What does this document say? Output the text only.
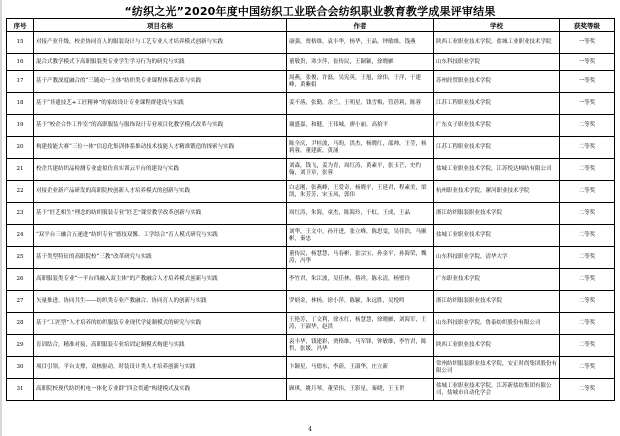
“纺织之光”2020年度中国纺织工业联合会纺织职业教育教学成果评审结果
序号	项目名称	作者	学校	获奖等级
15	对接产业升级，校企协同育人的服装设计与工艺专业人才培养模式创新与实践	康强，贾格维，袁丰华，杨华，王晶，钟敏维，钱燕	陕西工业职业技术学院，盐城工业职业技术学院	一等奖
16	混合式教学模式下高职服装类专业学生学习行为的研究与实践	董敬贵，寒少萍，崔传民，王颖颖，徐晓雁	山东科技职业学院	一等奖
17	基于产教深度融合的“三随动一主体”纺织类专业课程体系改革与实践	周燕，张俊，许磊，吴宪英，王旭，徐伟，于洋，于建峰，黄紫娟	苏州经贸职业技术学院	一等奖
18	基于“非遗技艺+工匠精神”的家纺设计专业课程群建设与实践	姜不落，张勤，余兰，王明星，钱雪梅，管蓓莉，陈蓉	江苏工程职业技术学院	一等奖
19	基于“校企合作工作室”的高职服装与服饰设计专业项目化教学模式改革与实践	谢盛嘉，和健，王伟城，廖小丽，高拾平	广东女子职业技术学院	二等奖
20	构建技能大赛“三位一体”信息化集训体系推动技术技能人才精准锻造的探索与实践	陈全庆，尹桂波，马昀，洪杰，杨晓红，邵帅，王莹，杨莉蓉，董建新，黄涌	江苏工程职业技术学院	二等奖
21	校企共建纺织品检测专业虚拟仿真实训云平台的建设与实践	刘森，钱飞，姜为青，周红涛，黄素平，张玉芒，史约翰，刘卫章，张蓉	盐城工业职业技术学院，江苏悦达棉纺有限公司	二等奖
22	对接企业新产品研发的高职院校创新人才培养模式的创新与实践	白志刚，张燕峰，王爱奇，杨晓平，王延君，程素美，梁凯，朱芳芳，宋玉凤，郭伟	杭州职业技术学院，漯河职业技术学院	二等奖
23	基于“匠艺相生”理念的纺织服装专业“匠艺”课堂教学改革创新与实践	周红涛，朱海，童杰，陈海玲，于虹，王成，王晶	浙江纺织服装职业技术学院	二等奖
24	“双平台三融合五递进”纺织专业“德技双馨、工学结合”育人模式研究与实践	刘华，王文中，孙开进，张立峰，陈思雯，吴佳浩，马顺彬，秦忠	盐城工业职业技术学院	二等奖
25	基于类型特征的高职院校“三教”改革研究与实践	董传民，杨慧慧，马春彬，张宗宝，孙金平，孙海荣，魏涛，冯华	山东科技职业学院，清华大学	二等奖
26	高职服装类专业“一平台四融入双主体”的产教融合人才培养模式创新与实践	李竹君，朱江波，吴佳林，蔡祥，陈永清，杨璧玲	广东职业技术学院	二等奖
27	矢量推进、协同共生——纺织类专业产教融合、协同育人的创新与实践	罗炳金，林杨，徐小萍，陈颖，朱远胜，吴悦鸣	浙江纺织服装职业技术学院	二等奖
28	基于“工匠型”人才培养的纺织服装专业现代学徒制模式的研究与实践	王艳芳，丁文利，徐水红，杨慧慧，徐晓雁，刘海军，王涛，于淑华，赵洪	山东科技职业学院，鲁泰纺织股份有限公司	二等奖
29	育训结合，精准对接，高职服装专业培训定制模式构建与实践	袁丰华，钱建彩，贾格维，马军锋，钟敏维，李竹君，陈哲，张媛，冯华	陕西工业职业技术学院	二等奖
30	项目引领，平台支撑，双核驱动，时装设计类人才培养创新与实践	卞颖星，马德东，李蔚，王淑华，庄立新	常州纺织服装职业技术学院，安正时尚集团股份有限公司	二等奖
31	高职院校现代纺织机电一体化专业群“四会贯通”构建模式及实践	顾琪，姚月琴，董荣伟，王影星，秦晓，王玉世	盐城工业职业技术学院，江苏新盐纺集团有限公司，盐城市自动化学会	二等奖
4
